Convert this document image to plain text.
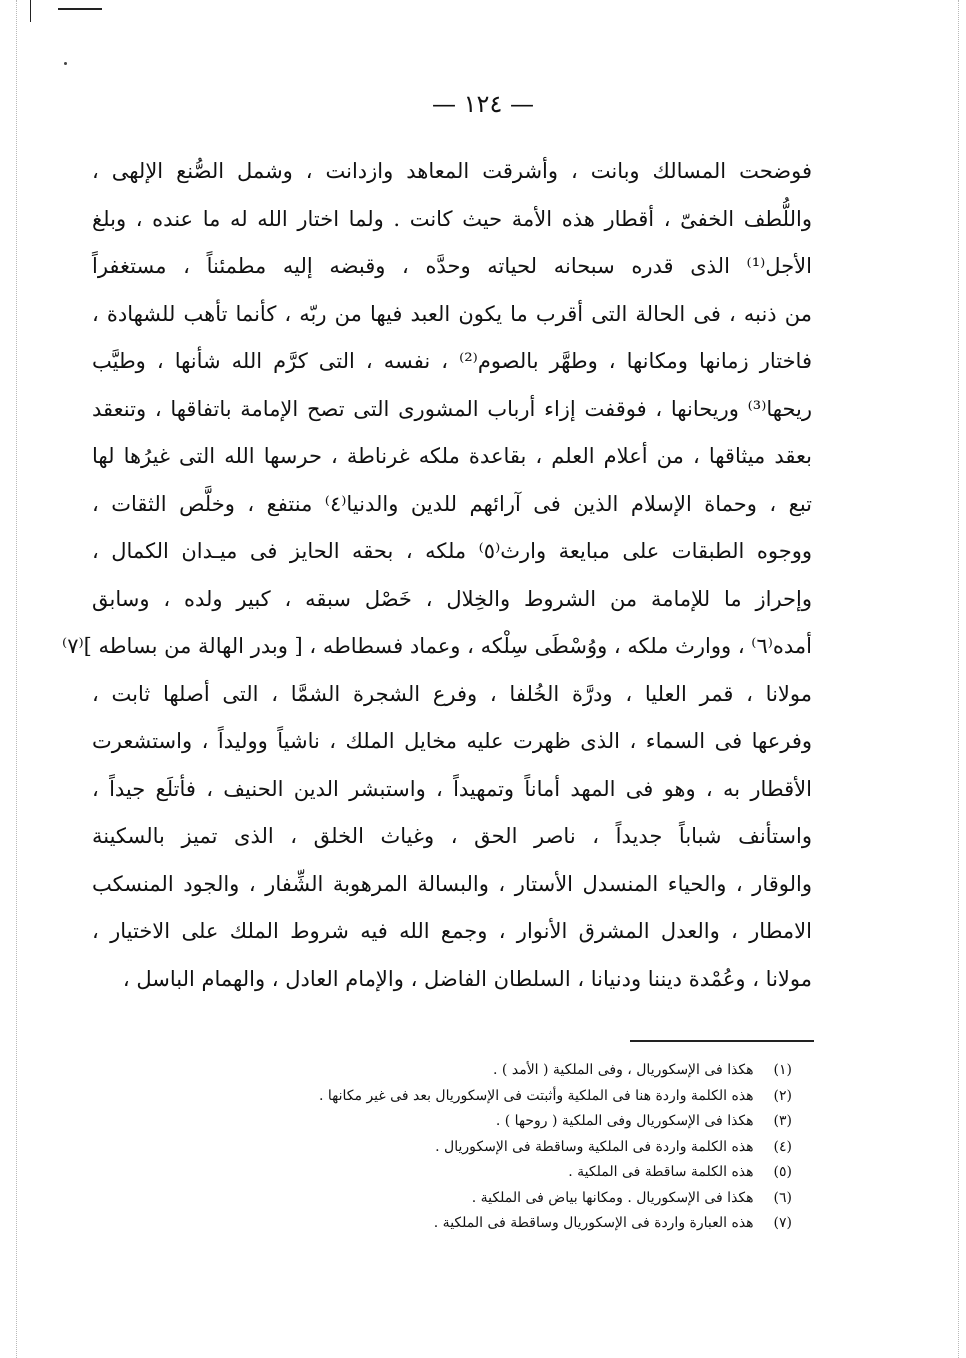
— ١٢٤ —
فوضحت المسالك وبانت ، وأشرقت المعاهد وازدانت ، وشمل الصُّنع الإلهى ،
واللُّطف الخفىّ ، أقطار هذه الأمة حيث كانت . ولما اختار الله له ما عنده ، وبلغ
الأجل⁽¹⁾ الذى قدره سبحانه لحياته وحدَّه ، وقبضه إليه مطمئناً ، مستغفراً
من ذنبه ، فى الحالة التى أقرب ما يكون العبد فيها من ربّه ، كأنما تأهب للشهادة ،
فاختار زمانها ومكانها ، وطهَّر بالصوم⁽²⁾ ، نفسه ، التى كرَّم الله شأنها ، وطيَّب
ريحها⁽³⁾ وريحانها ، فوقفت إزاء أرباب المشورى التى تصح الإمامة باتفاقها ، وتنعقد
بعقد ميثاقها ، من أعلام العلم ، بقاعدة ملكه غرناطة ، حرسها الله التى غيرُها لها
تبع ، وحماة الإسلام الذين فى آرائهم للدين والدنيا⁽٤⁾ منتفع ، وخلَّص الثقات ،
ووجوه الطبقات على مبايعة وارث⁽٥⁾ ملكه ، بحقه الحايز فى ميـدان الكمال ،
وإحراز ما للإمامة من الشروط والخِلال ، خَصْل سبقه ، كبير ولده ، وسابق
أمده⁽٦⁾ ، ووارث ملكه ، ووُسْطَى سِلْكه ، وعماد فسطاطه ، [ وبدر الهالة من بساطه ]⁽٧⁾
مولانا ، قمر العليا ، ودرَّة الخُلفا ، وفرع الشجرة الشمَّا ، التى أصلها ثابت ،
وفرعها فى السماء ، الذى ظهرت عليه مخايل الملك ، ناشياً ووليداً ، واستشعرت
الأقطار به ، وهو فى المهد أماناً وتمهيداً ، واستبشر الدين الحنيف ، فأتلَع جيداً ،
واستأنف شباباً جديداً ، ناصر الحق ، وغياث الخلق ، الذى تميز بالسكينة
والوقار ، والحياء المنسدل الأستار ، والبسالة المرهوبة الشِّفار ، والجود المنسكب
الامطار ، والعدل المشرق الأنوار ، وجمع الله فيه شروط الملك على الاختيار ،
مولانا ، وعُمْدة ديننا ودنيانا ، السلطان الفاضل ، والإمام العادل ، والهمام الباسل ،
(١) هكذا فى الإسكوريال ، وفى الملكية ( الأمد ) .
(٢) هذه الكلمة واردة هنا فى الملكية وأثبتت فى الإسكوريال بعد فى غير مكانها .
(٣) هكذا فى الإسكوريال وفى الملكية ( روحها ) .
(٤) هذه الكلمة واردة فى الملكية وساقطة فى الإسكوريال .
(٥) هذه الكلمة ساقطة فى الملكية .
(٦) هكذا فى الإسكوريال . ومكانها بياض فى الملكية .
(٧) هذه العبارة واردة فى الإسكوريال وساقطة فى الملكية .
